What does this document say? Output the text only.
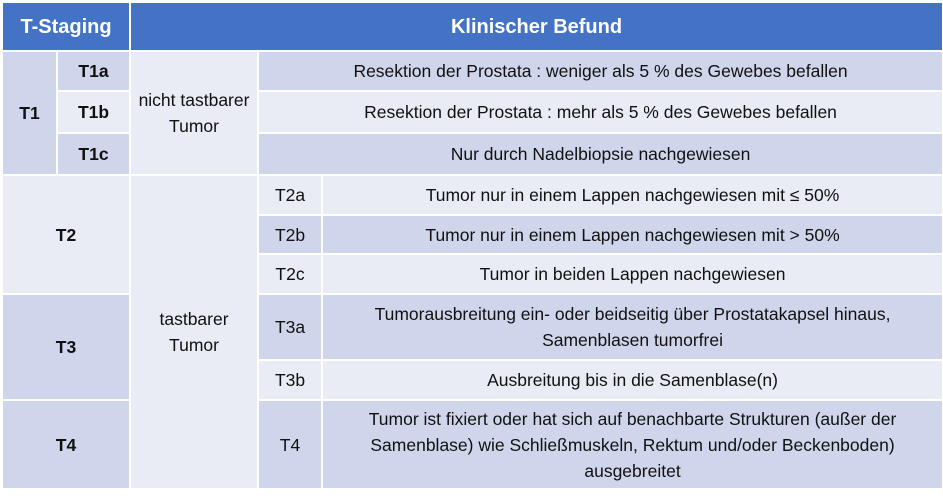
T-Staging		Klinischer Befund		
T1	T1a	nicht tastbarer Tumor	Resektion der Prostata : weniger als 5 % des Gewebes befallen	
	T1b		Resektion der Prostata : mehr als 5 % des Gewebes befallen	
	T1c		Nur durch Nadelbiopsie nachgewiesen	
T2		tastbarer Tumor	T2a	Tumor nur in einem Lappen nachgewiesen mit ≤ 50%
			T2b	Tumor nur in einem Lappen nachgewiesen mit > 50%
			T2c	Tumor in beiden Lappen nachgewiesen
T3			T3a	Tumorausbreitung ein- oder beidseitig über Prostatakapsel hinaus, Samenblasen tumorfrei
			T3b	Ausbreitung bis in die Samenblase(n)
T4			T4	Tumor ist fixiert oder hat sich auf benachbarte Strukturen (außer der Samenblase) wie Schließmuskeln, Rektum und/oder Beckenboden) ausgebreitet
